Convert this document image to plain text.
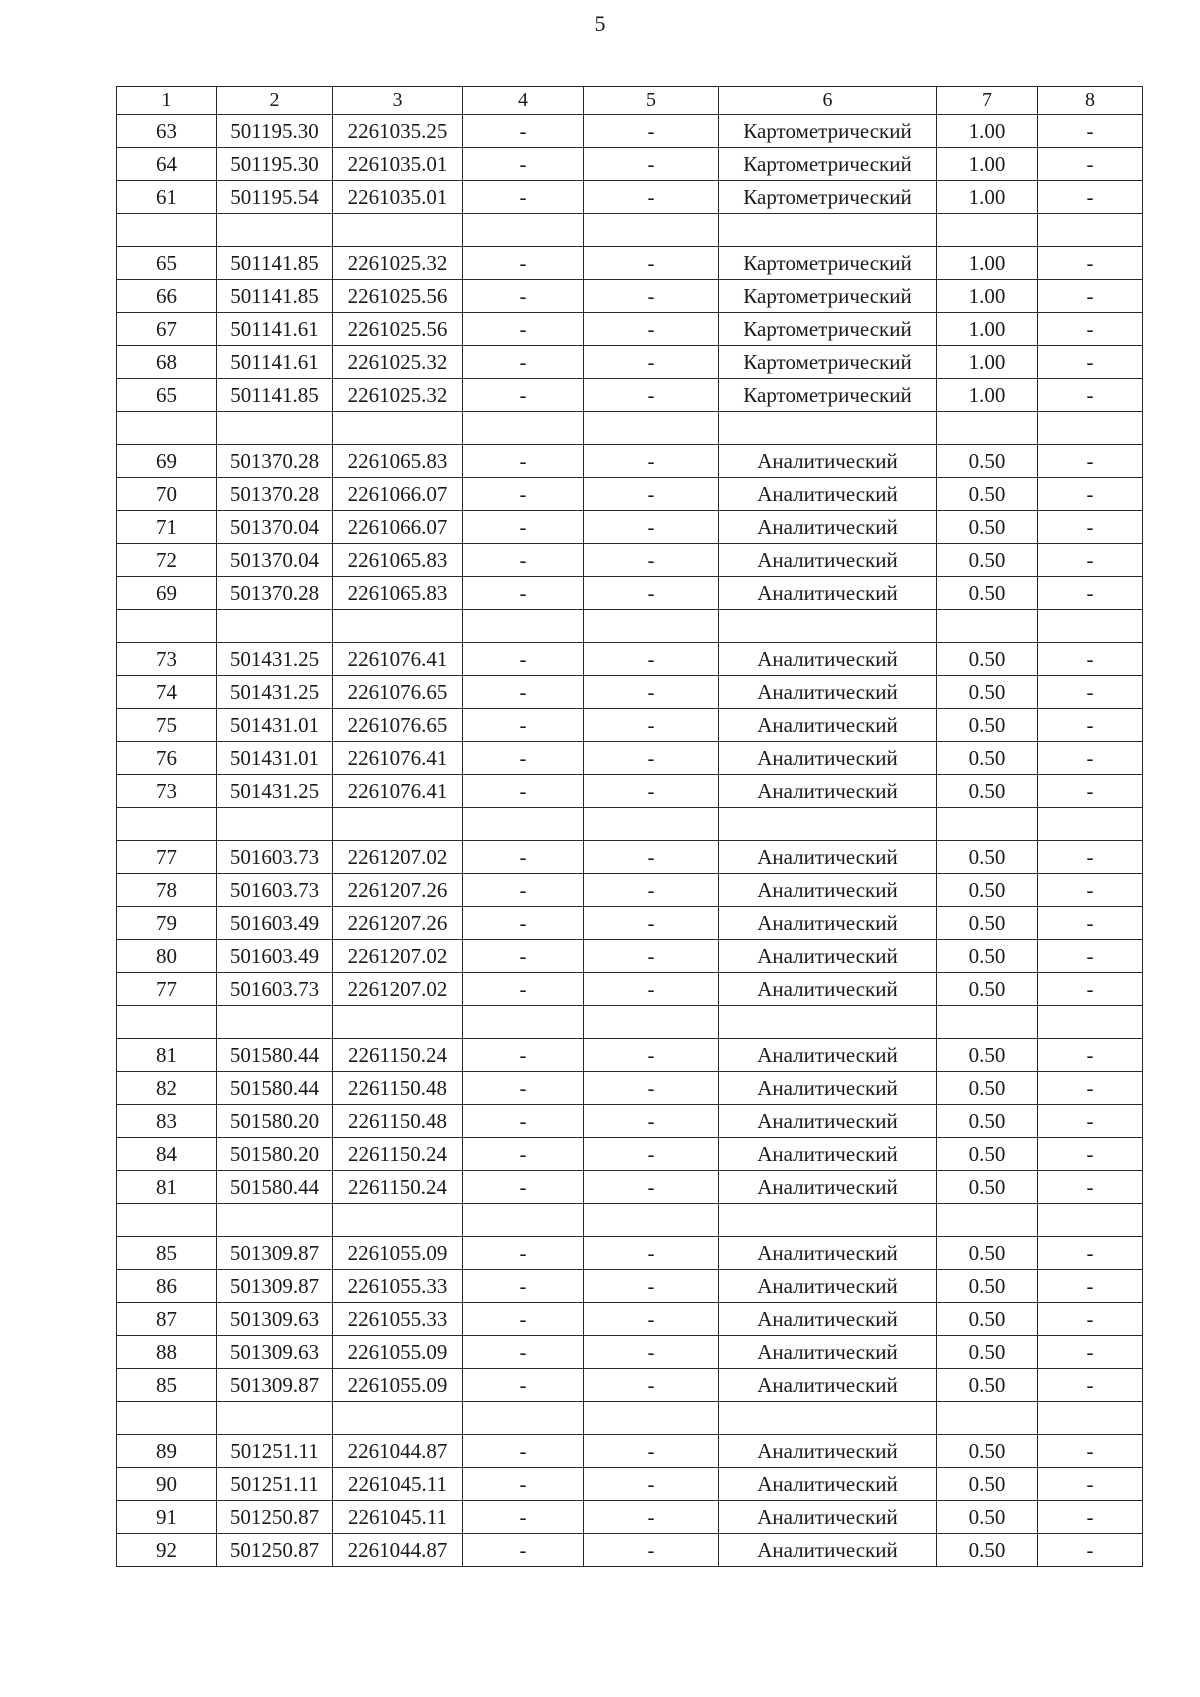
5
1	2	3	4	5	6	7	8
63	501195.30	2261035.25	-	-	Картометрический	1.00	-
64	501195.30	2261035.01	-	-	Картометрический	1.00	-
61	501195.54	2261035.01	-	-	Картометрический	1.00	-

65	501141.85	2261025.32	-	-	Картометрический	1.00	-
66	501141.85	2261025.56	-	-	Картометрический	1.00	-
67	501141.61	2261025.56	-	-	Картометрический	1.00	-
68	501141.61	2261025.32	-	-	Картометрический	1.00	-
65	501141.85	2261025.32	-	-	Картометрический	1.00	-

69	501370.28	2261065.83	-	-	Аналитический	0.50	-
70	501370.28	2261066.07	-	-	Аналитический	0.50	-
71	501370.04	2261066.07	-	-	Аналитический	0.50	-
72	501370.04	2261065.83	-	-	Аналитический	0.50	-
69	501370.28	2261065.83	-	-	Аналитический	0.50	-

73	501431.25	2261076.41	-	-	Аналитический	0.50	-
74	501431.25	2261076.65	-	-	Аналитический	0.50	-
75	501431.01	2261076.65	-	-	Аналитический	0.50	-
76	501431.01	2261076.41	-	-	Аналитический	0.50	-
73	501431.25	2261076.41	-	-	Аналитический	0.50	-

77	501603.73	2261207.02	-	-	Аналитический	0.50	-
78	501603.73	2261207.26	-	-	Аналитический	0.50	-
79	501603.49	2261207.26	-	-	Аналитический	0.50	-
80	501603.49	2261207.02	-	-	Аналитический	0.50	-
77	501603.73	2261207.02	-	-	Аналитический	0.50	-

81	501580.44	2261150.24	-	-	Аналитический	0.50	-
82	501580.44	2261150.48	-	-	Аналитический	0.50	-
83	501580.20	2261150.48	-	-	Аналитический	0.50	-
84	501580.20	2261150.24	-	-	Аналитический	0.50	-
81	501580.44	2261150.24	-	-	Аналитический	0.50	-

85	501309.87	2261055.09	-	-	Аналитический	0.50	-
86	501309.87	2261055.33	-	-	Аналитический	0.50	-
87	501309.63	2261055.33	-	-	Аналитический	0.50	-
88	501309.63	2261055.09	-	-	Аналитический	0.50	-
85	501309.87	2261055.09	-	-	Аналитический	0.50	-

89	501251.11	2261044.87	-	-	Аналитический	0.50	-
90	501251.11	2261045.11	-	-	Аналитический	0.50	-
91	501250.87	2261045.11	-	-	Аналитический	0.50	-
92	501250.87	2261044.87	-	-	Аналитический	0.50	-
